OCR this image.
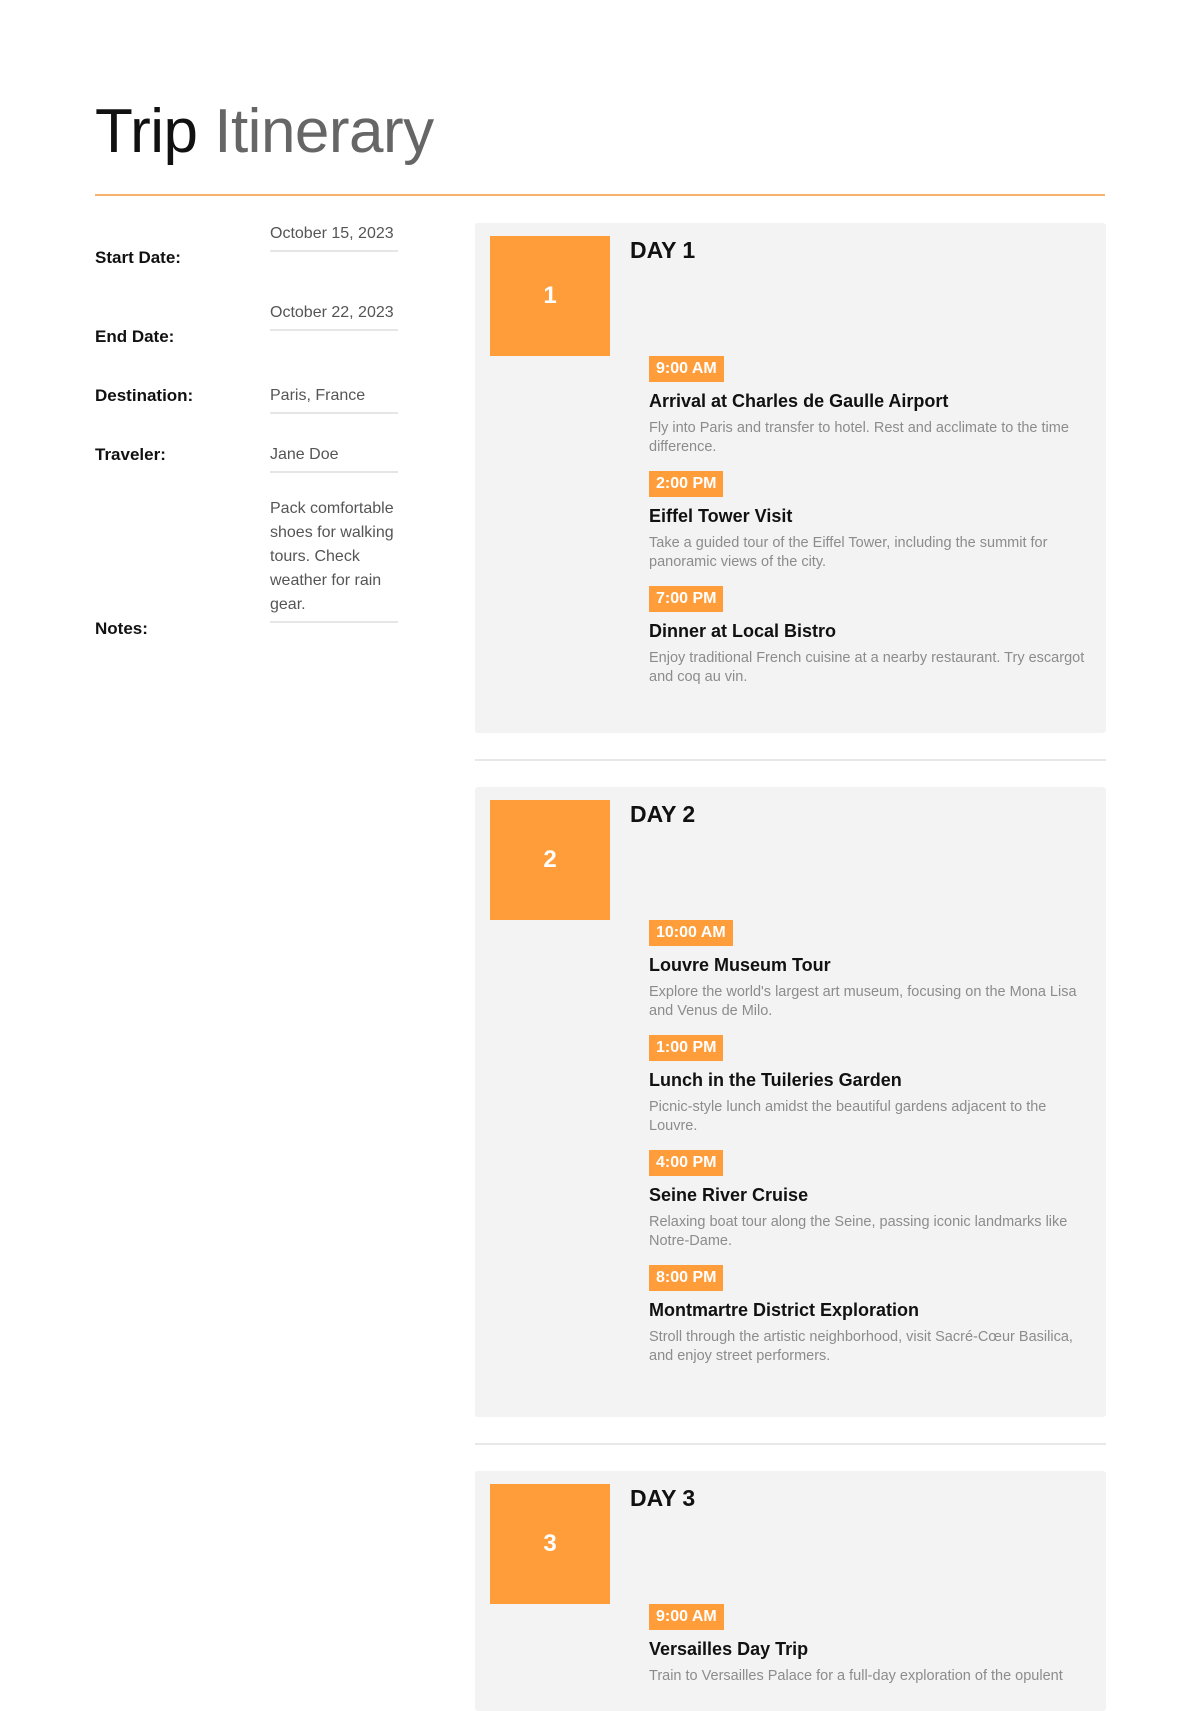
Trip Itinerary
Start Date:
October 15, 2023
End Date:
October 22, 2023
Destination:	Paris, France
Traveler:	Jane Doe
Notes:
Pack comfortable shoes for walking tours. Check weather for rain gear.
1
DAY 1
9:00 AM
Arrival at Charles de Gaulle Airport
Fly into Paris and transfer to hotel. Rest and acclimate to the time difference.
2:00 PM
Eiffel Tower Visit
Take a guided tour of the Eiffel Tower, including the summit for panoramic views of the city.
7:00 PM
Dinner at Local Bistro
Enjoy traditional French cuisine at a nearby restaurant. Try escargot and coq au vin.
2
DAY 2
10:00 AM
Louvre Museum Tour
Explore the world's largest art museum, focusing on the Mona Lisa and Venus de Milo.
1:00 PM
Lunch in the Tuileries Garden
Picnic-style lunch amidst the beautiful gardens adjacent to the Louvre.
4:00 PM
Seine River Cruise
Relaxing boat tour along the Seine, passing iconic landmarks like Notre-Dame.
8:00 PM
Montmartre District Exploration
Stroll through the artistic neighborhood, visit Sacré-Cœur Basilica, and enjoy street performers.
3
DAY 3
9:00 AM
Versailles Day Trip
Train to Versailles Palace for a full-day exploration of the opulent
